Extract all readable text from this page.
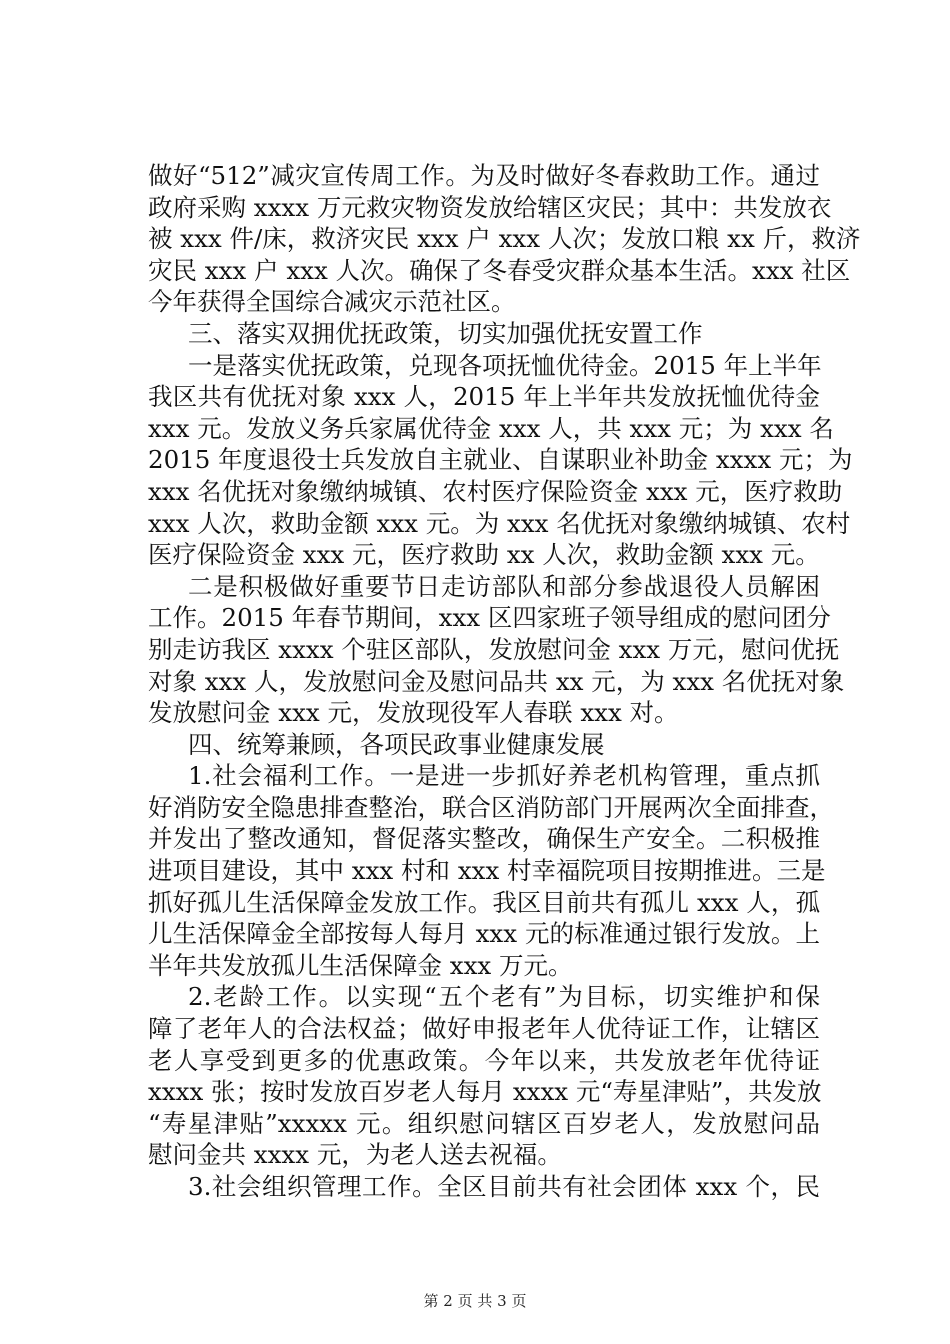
做好“512”减灾宣传周工作。为及时做好冬春救助工作。通过
政府采购 xxxx 万元救灾物资发放给辖区灾民；其中：共发放衣
被 xxx 件/床，救济灾民 xxx 户 xxx 人次；发放口粮 xx 斤，救济
灾民 xxx 户 xxx 人次。确保了冬春受灾群众基本生活。xxx 社区
今年获得全国综合减灾示范社区。
三、落实双拥优抚政策，切实加强优抚安置工作
一是落实优抚政策，兑现各项抚恤优待金。2015 年上半年
我区共有优抚对象 xxx 人，2015 年上半年共发放抚恤优待金
xxx 元。发放义务兵家属优待金 xxx 人，共 xxx 元；为 xxx 名
2015 年度退役士兵发放自主就业、自谋职业补助金 xxxx 元；为
xxx 名优抚对象缴纳城镇、农村医疗保险资金 xxx 元，医疗救助
xxx 人次，救助金额 xxx 元。为 xxx 名优抚对象缴纳城镇、农村
医疗保险资金 xxx 元，医疗救助 xx 人次，救助金额 xxx 元。
二是积极做好重要节日走访部队和部分参战退役人员解困
工作。2015 年春节期间，xxx 区四家班子领导组成的慰问团分
别走访我区 xxxx 个驻区部队，发放慰问金 xxx 万元，慰问优抚
对象 xxx 人，发放慰问金及慰问品共 xx 元，为 xxx 名优抚对象
发放慰问金 xxx 元，发放现役军人春联 xxx 对。
四、统筹兼顾，各项民政事业健康发展
1.社会福利工作。一是进一步抓好养老机构管理，重点抓
好消防安全隐患排查整治，联合区消防部门开展两次全面排查，
并发出了整改通知，督促落实整改，确保生产安全。二积极推
进项目建设，其中 xxx 村和 xxx 村幸福院项目按期推进。三是
抓好孤儿生活保障金发放工作。我区目前共有孤儿 xxx 人，孤
儿生活保障金全部按每人每月 xxx 元的标准通过银行发放。上
半年共发放孤儿生活保障金 xxx 万元。
2.老龄工作。以实现“五个老有”为目标，切实维护和保
障了老年人的合法权益；做好申报老年人优待证工作，让辖区
老人享受到更多的优惠政策。今年以来，共发放老年优待证
xxxx 张；按时发放百岁老人每月 xxxx 元“寿星津贴”，共发放
“寿星津贴”xxxxx 元。组织慰问辖区百岁老人，发放慰问品
慰问金共 xxxx 元，为老人送去祝福。
3.社会组织管理工作。全区目前共有社会团体 xxx 个，民
第 2 页 共 3 页
